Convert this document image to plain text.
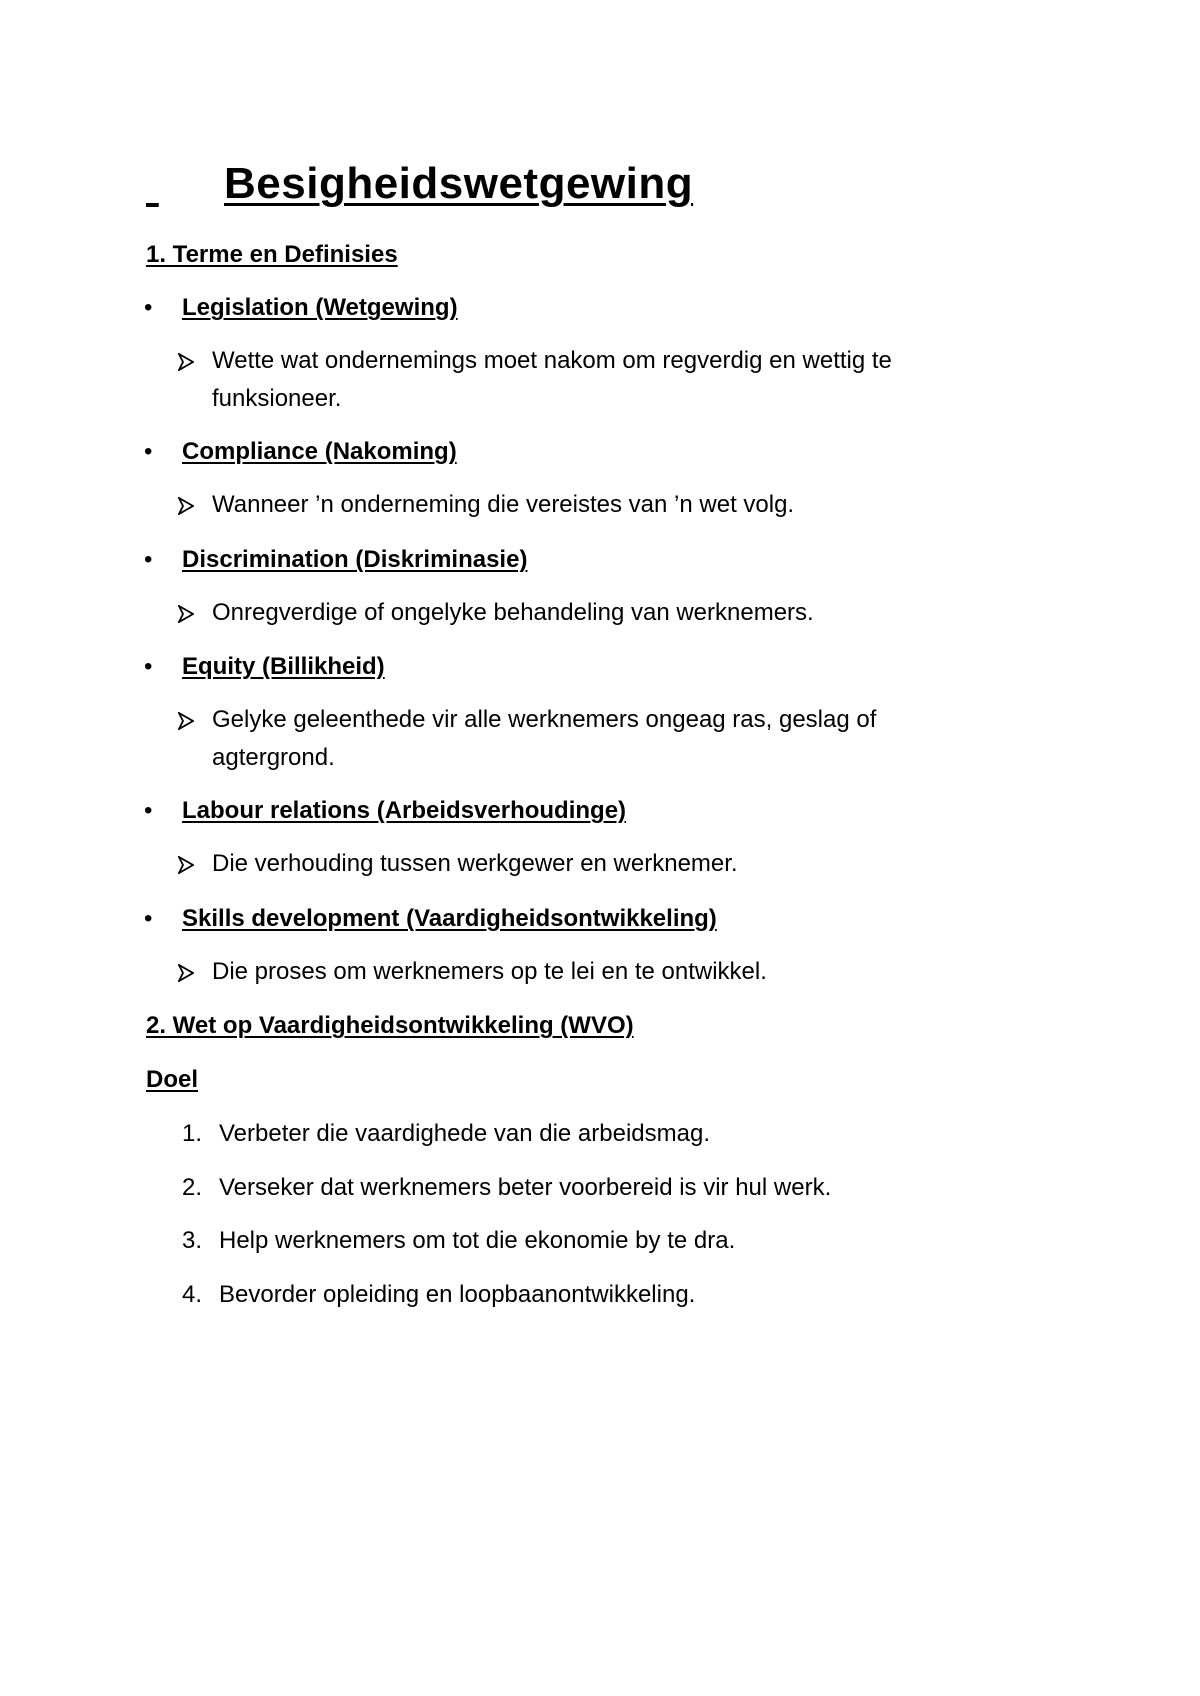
Besigheidswetgewing
1. Terme en Definisies
• Legislation (Wetgewing)
Wette wat ondernemings moet nakom om regverdig en wettig te
funksioneer.
• Compliance (Nakoming)
Wanneer ’n onderneming die vereistes van ’n wet volg.
• Discrimination (Diskriminasie)
Onregverdige of ongelyke behandeling van werknemers.
• Equity (Billikheid)
Gelyke geleenthede vir alle werknemers ongeag ras, geslag of
agtergrond.
• Labour relations (Arbeidsverhoudinge)
Die verhouding tussen werkgewer en werknemer.
• Skills development (Vaardigheidsontwikkeling)
Die proses om werknemers op te lei en te ontwikkel.
2. Wet op Vaardigheidsontwikkeling (WVO)
Doel
1. Verbeter die vaardighede van die arbeidsmag.
2. Verseker dat werknemers beter voorbereid is vir hul werk.
3. Help werknemers om tot die ekonomie by te dra.
4. Bevorder opleiding en loopbaanontwikkeling.
